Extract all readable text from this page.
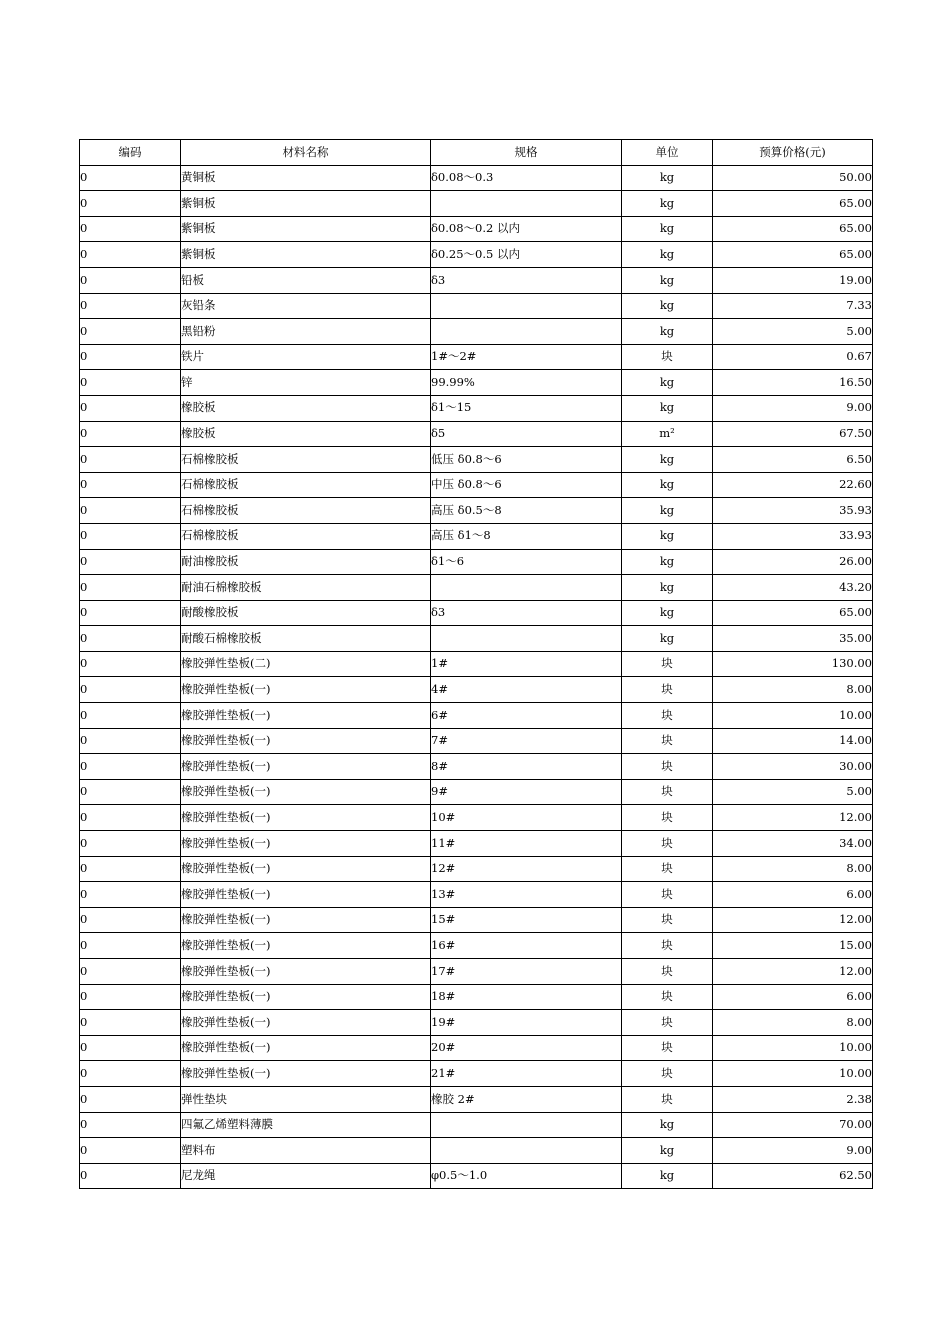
编码	材料名称	规格	单位	预算价格(元)
0	黄铜板	δ0.08～0.3	kg	50.00
0	紫铜板		kg	65.00
0	紫铜板	δ0.08～0.2 以内	kg	65.00
0	紫铜板	δ0.25～0.5 以内	kg	65.00
0	铅板	δ3	kg	19.00
0	灰铅条		kg	7.33
0	黑铅粉		kg	5.00
0	铁片	1#～2#	块	0.67
0	锌	99.99%	kg	16.50
0	橡胶板	δ1～15	kg	9.00
0	橡胶板	δ5	m²	67.50
0	石棉橡胶板	低压 δ0.8～6	kg	6.50
0	石棉橡胶板	中压 δ0.8～6	kg	22.60
0	石棉橡胶板	高压 δ0.5～8	kg	35.93
0	石棉橡胶板	高压 δ1～8	kg	33.93
0	耐油橡胶板	δ1～6	kg	26.00
0	耐油石棉橡胶板		kg	43.20
0	耐酸橡胶板	δ3	kg	65.00
0	耐酸石棉橡胶板		kg	35.00
0	橡胶弹性垫板(二)	1#	块	130.00
0	橡胶弹性垫板(一)	4#	块	8.00
0	橡胶弹性垫板(一)	6#	块	10.00
0	橡胶弹性垫板(一)	7#	块	14.00
0	橡胶弹性垫板(一)	8#	块	30.00
0	橡胶弹性垫板(一)	9#	块	5.00
0	橡胶弹性垫板(一)	10#	块	12.00
0	橡胶弹性垫板(一)	11#	块	34.00
0	橡胶弹性垫板(一)	12#	块	8.00
0	橡胶弹性垫板(一)	13#	块	6.00
0	橡胶弹性垫板(一)	15#	块	12.00
0	橡胶弹性垫板(一)	16#	块	15.00
0	橡胶弹性垫板(一)	17#	块	12.00
0	橡胶弹性垫板(一)	18#	块	6.00
0	橡胶弹性垫板(一)	19#	块	8.00
0	橡胶弹性垫板(一)	20#	块	10.00
0	橡胶弹性垫板(一)	21#	块	10.00
0	弹性垫块	橡胶 2#	块	2.38
0	四氟乙烯塑料薄膜		kg	70.00
0	塑料布		kg	9.00
0	尼龙绳	φ0.5～1.0	kg	62.50
